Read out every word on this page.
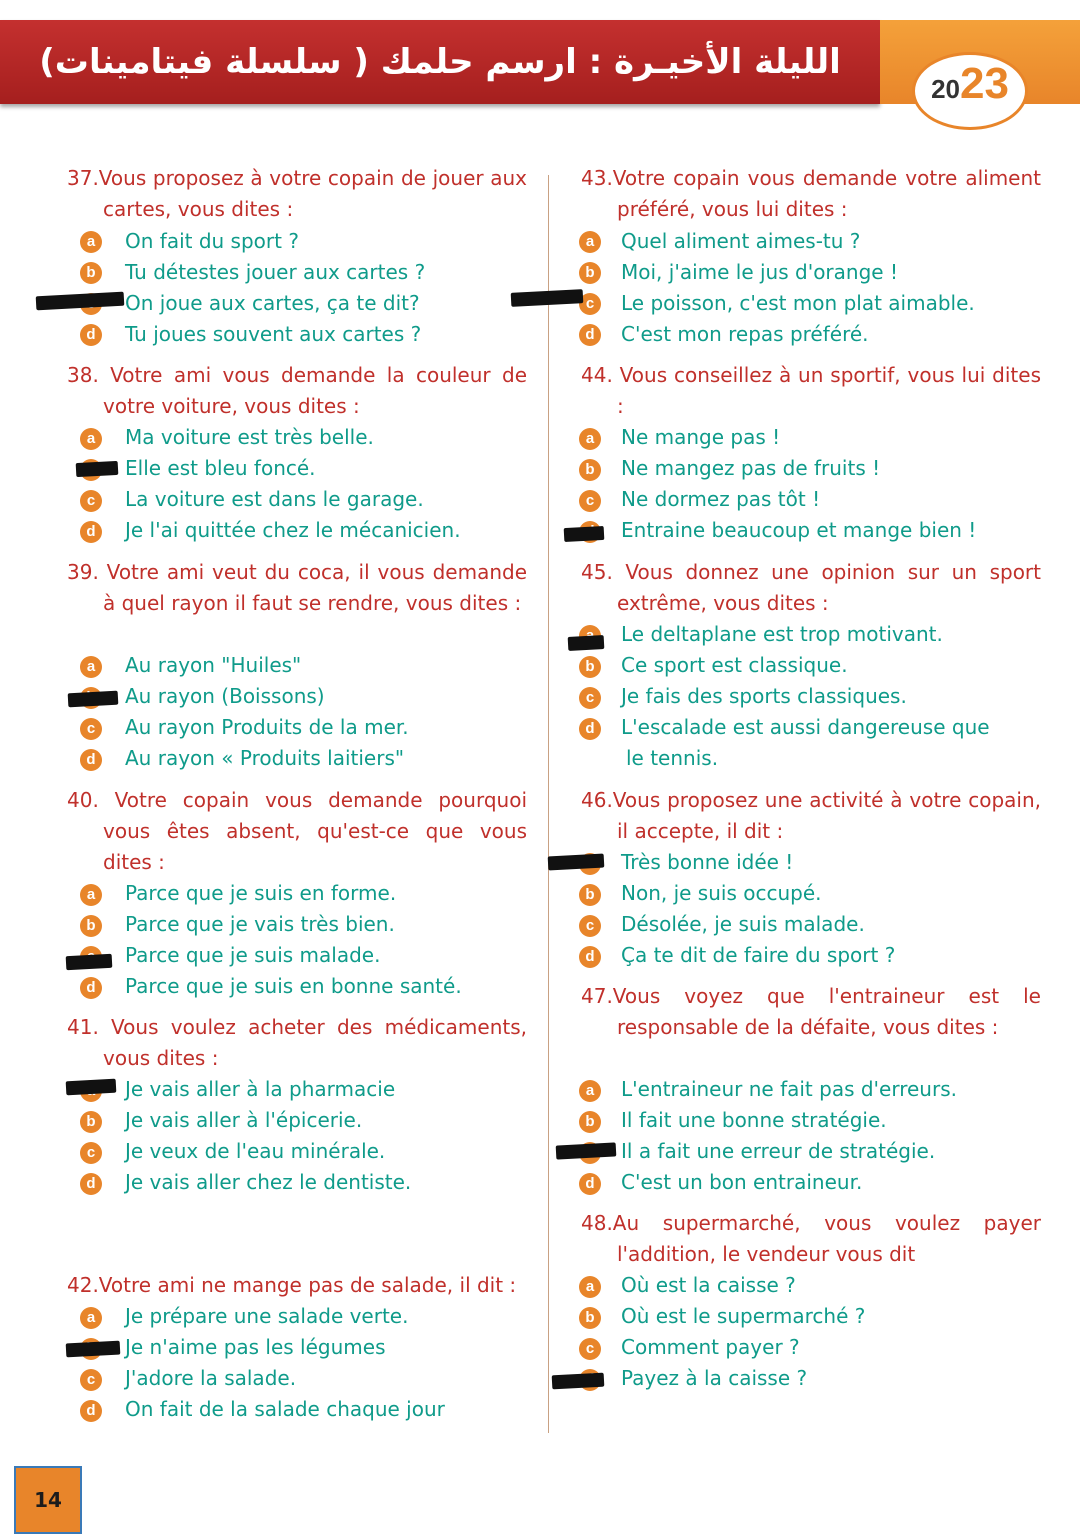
الليلة الأخيـرة : ارسم حلمك ( سلسلة فيتامينات)
2023
37.Vous proposez à votre copain de jouer aux cartes, vous dites :
a	On fait du sport ?
b	Tu détestes jouer aux cartes ?
On joue aux cartes, ça te dit?
d	Tu joues souvent aux cartes ?
38. Votre ami vous demande la couleur de votre voiture, vous dites :
a	Ma voiture est très belle.
Elle est bleu foncé.
c	La voiture est dans le garage.
d	Je l'ai quittée chez le mécanicien.
39. Votre ami veut du coca, il vous demande à quel rayon il faut se rendre, vous dites :
a	Au rayon "Huiles"
Au rayon (Boissons)
c	Au rayon Produits de la mer.
d	Au rayon « Produits laitiers"
40. Votre copain vous demande pourquoi vous êtes absent, qu'est-ce que vous dites :
a	Parce que je suis en forme.
b	Parce que je vais très bien.
Parce que je suis malade.
d	Parce que je suis en bonne santé.
41. Vous voulez acheter des médicaments, vous dites :
Je vais aller à la pharmacie
b	Je vais aller à l'épicerie.
c	Je veux de l'eau minérale.
d	Je vais aller chez le dentiste.
42.Votre ami ne mange pas de salade, il dit :
a	Je prépare une salade verte.
Je n'aime pas les légumes
c	J'adore la salade.
d	On fait de la salade chaque jour
43.Votre copain vous demande votre aliment préféré, vous lui dites :
a	Quel aliment aimes-tu ?
b	Moi, j'aime le jus d'orange !
c	Le poisson, c'est mon plat aimable.
d	C'est mon repas préféré.
44. Vous conseillez à un sportif, vous lui dites :
a	Ne mange pas !
b	Ne mangez pas de fruits !
c	Ne dormez pas tôt !
Entraine beaucoup et mange bien !
45. Vous donnez une opinion sur un sport extrême, vous dites :
Le deltaplane est trop motivant.
b	Ce sport est classique.
c	Je fais des sports classiques.
d	L'escalade est aussi dangereuse que
le tennis.
46.Vous proposez une activité à votre copain, il accepte, il dit :
Très bonne idée !
b	Non, je suis occupé.
c	Désolée, je suis malade.
d	Ça te dit de faire du sport ?
47.Vous voyez que l'entraineur est le responsable de la défaite, vous dites :
a	L'entraineur ne fait pas d'erreurs.
b	Il fait une bonne stratégie.
Il a fait une erreur de stratégie.
d	C'est un bon entraineur.
48.Au supermarché, vous voulez payer l'addition, le vendeur vous dit
a	Où est la caisse ?
b	Où est le supermarché ?
c	Comment payer ?
Payez à la caisse ?
14
